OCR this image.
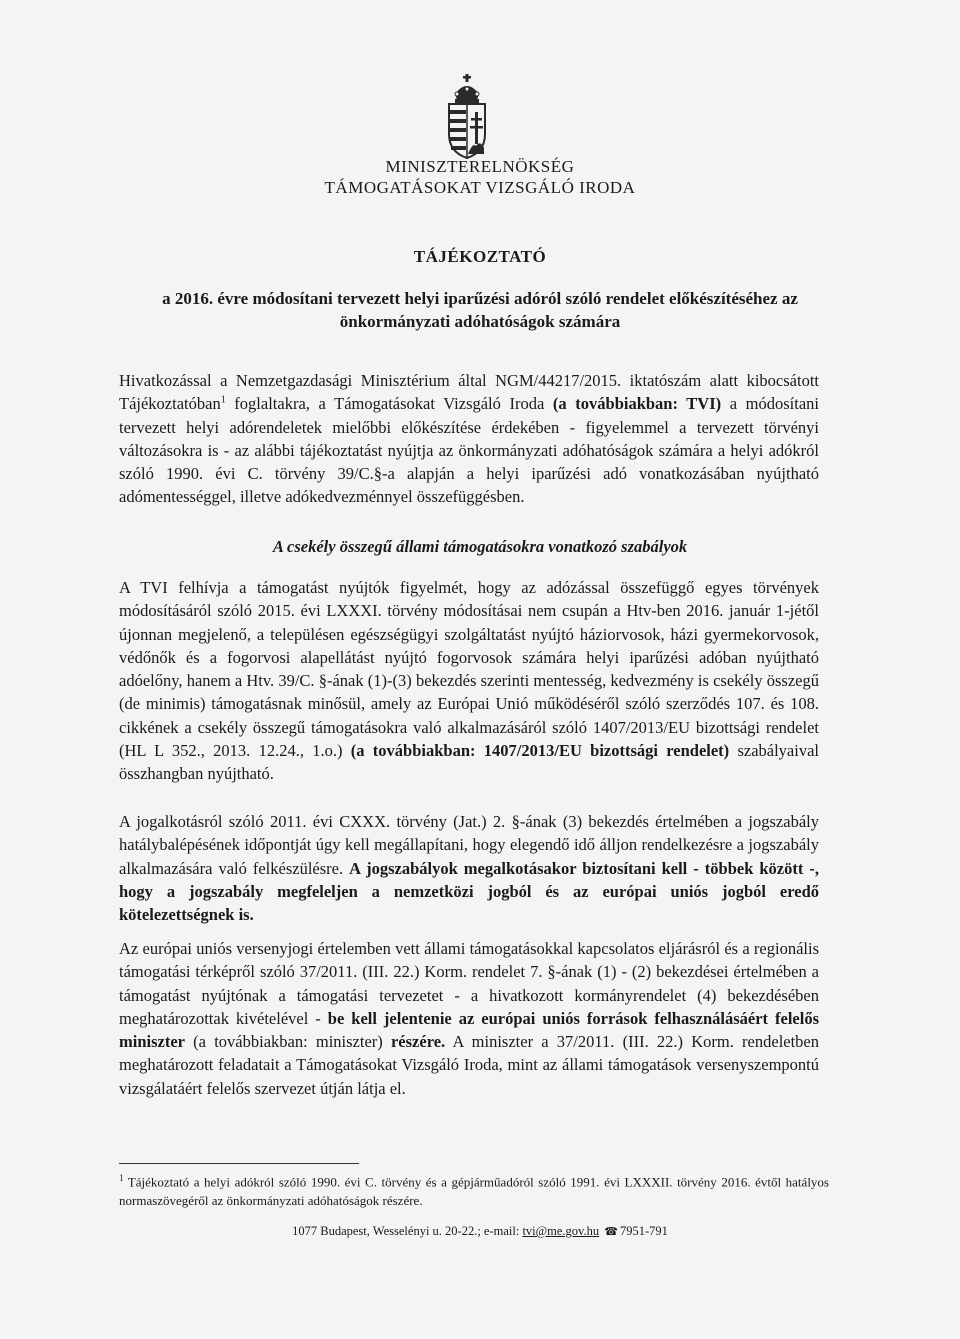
MINISZTERELNÖKSÉG
TÁMOGATÁSOKAT VIZSGÁLÓ IRODA
TÁJÉKOZTATÓ
a 2016. évre módosítani tervezett helyi iparűzési adóról szóló rendelet előkészítéséhez az
önkormányzati adóhatóságok számára
Hivatkozással a Nemzetgazdasági Minisztérium által NGM/44217/2015. iktatószám alatt kibocsátott Tájékoztatóban$^1$ foglaltakra, a Támogatásokat Vizsgáló Iroda (a továbbiakban: TVI) a módosítani tervezett helyi adórendeletek mielőbbi előkészítése érdekében - figyelemmel a tervezett törvényi változásokra is - az alábbi tájékoztatást nyújtja az önkormányzati adóhatóságok számára a helyi adókról szóló 1990. évi C. törvény 39/C.§-a alapján a helyi iparűzési adó vonatkozásában nyújtható adómentességgel, illetve adókedvezménnyel összefüggésben.
A csekély összegű állami támogatásokra vonatkozó szabályok
A TVI felhívja a támogatást nyújtók figyelmét, hogy az adózással összefüggő egyes törvények módosításáról szóló 2015. évi LXXXI. törvény módosításai nem csupán a Htv-ben 2016. január 1-jétől újonnan megjelenő, a településen egészségügyi szolgáltatást nyújtó háziorvosok, házi gyermekorvosok, védőnők és a fogorvosi alapellátást nyújtó fogorvosok számára helyi iparűzési adóban nyújtható adóelőny, hanem a Htv. 39/C. §-ának (1)-(3) bekezdés szerinti mentesség, kedvezmény is csekély összegű (de minimis) támogatásnak minősül, amely az Európai Unió működéséről szóló szerződés 107. és 108. cikkének a csekély összegű támogatásokra való alkalmazásáról szóló 1407/2013/EU bizottsági rendelet (HL L 352., 2013. 12.24., 1.o.) (a továbbiakban: 1407/2013/EU bizottsági rendelet) szabályaival összhangban nyújtható.
A jogalkotásról szóló 2011. évi CXXX. törvény (Jat.) 2. §-ának (3) bekezdés értelmében a jogszabály hatálybalépésének időpontját úgy kell megállapítani, hogy elegendő idő álljon rendelkezésre a jogszabály alkalmazására való felkészülésre. A jogszabályok megalkotásakor biztosítani kell - többek között -, hogy a jogszabály megfeleljen a nemzetközi jogból és az európai uniós jogból eredő kötelezettségnek is.
Az európai uniós versenyjogi értelemben vett állami támogatásokkal kapcsolatos eljárásról és a regionális támogatási térképről szóló 37/2011. (III. 22.) Korm. rendelet 7. §-ának (1) - (2) bekezdései értelmében a támogatást nyújtónak a támogatási tervezetet - a hivatkozott kormányrendelet (4) bekezdésében meghatározottak kivételével - be kell jelentenie az európai uniós források felhasználásáért felelős miniszter (a továbbiakban: miniszter) részére. A miniszter a 37/2011. (III. 22.) Korm. rendeletben meghatározott feladatait a Támogatásokat Vizsgáló Iroda, mint az állami támogatások versenyszempontú vizsgálatáért felelős szervezet útján látja el.
$^1$ Tájékoztató a helyi adókról szóló 1990. évi C. törvény és a gépjárműadóról szóló 1991. évi LXXXII. törvény 2016. évtől hatályos normaszövegéről az önkormányzati adóhatóságok részére.
1077 Budapest, Wesselényi u. 20-22.; e-mail: tvi@me.gov.hu ☎ 7951-791
